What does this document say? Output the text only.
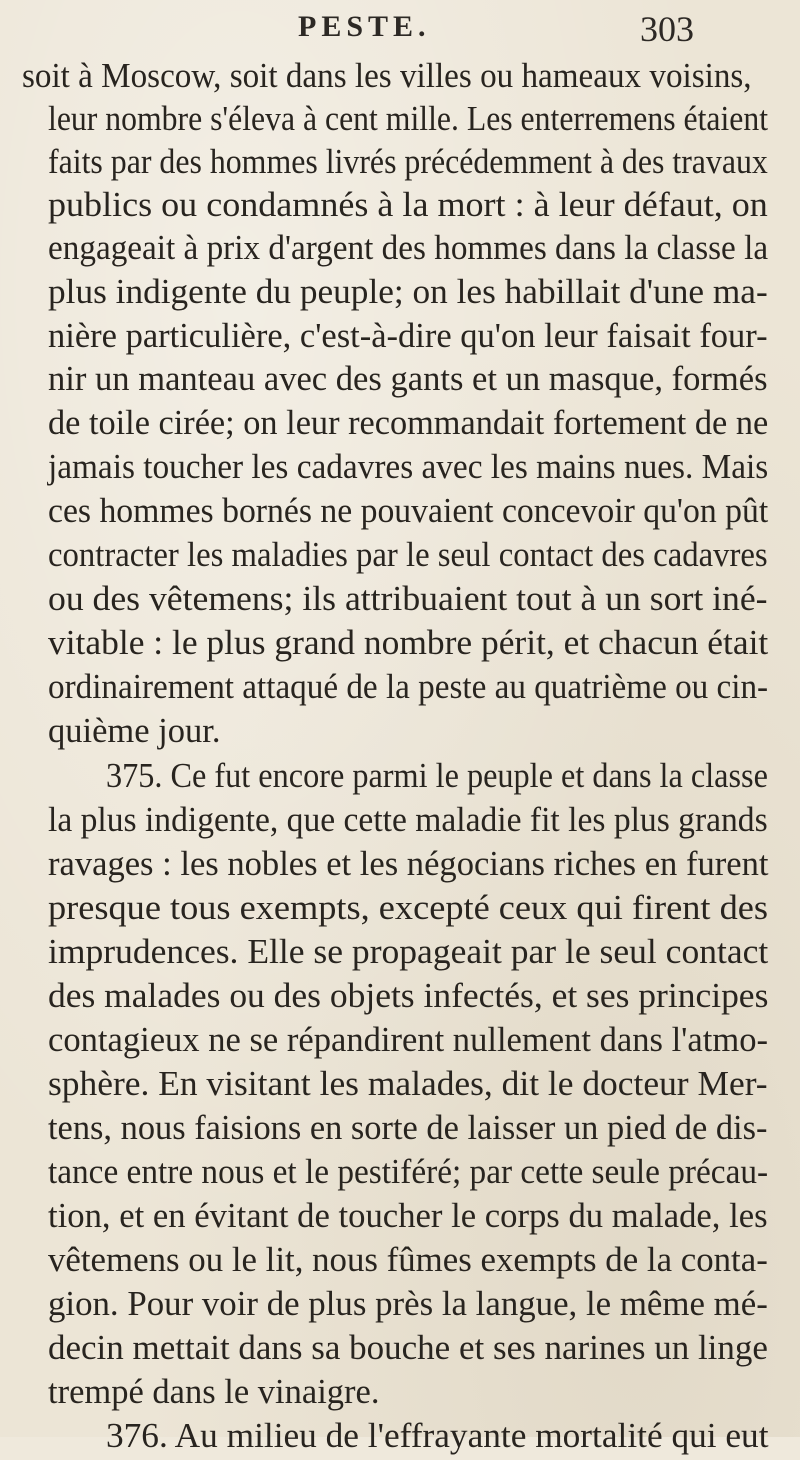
PESTE.	303
soit à Moscow, soit dans les villes ou hameaux voisins,
leur nombre s'éleva à cent mille. Les enterremens étaient
faits par des hommes livrés précédemment à des travaux
publics ou condamnés à la mort : à leur défaut, on
engageait à prix d'argent des hommes dans la classe la
plus indigente du peuple; on les habillait d'une ma-
nière particulière, c'est-à-dire qu'on leur faisait four-
nir un manteau avec des gants et un masque, formés
de toile cirée; on leur recommandait fortement de ne
jamais toucher les cadavres avec les mains nues. Mais
ces hommes bornés ne pouvaient concevoir qu'on pût
contracter les maladies par le seul contact des cadavres
ou des vêtemens; ils attribuaient tout à un sort iné-
vitable : le plus grand nombre périt, et chacun était
ordinairement attaqué de la peste au quatrième ou cin-
quième jour.
375. Ce fut encore parmi le peuple et dans la classe
la plus indigente, que cette maladie fit les plus grands
ravages : les nobles et les négocians riches en furent
presque tous exempts, excepté ceux qui firent des
imprudences. Elle se propageait par le seul contact
des malades ou des objets infectés, et ses principes
contagieux ne se répandirent nullement dans l'atmo-
sphère. En visitant les malades, dit le docteur Mer-
tens, nous faisions en sorte de laisser un pied de dis-
tance entre nous et le pestiféré; par cette seule précau-
tion, et en évitant de toucher le corps du malade, les
vêtemens ou le lit, nous fûmes exempts de la conta-
gion. Pour voir de plus près la langue, le même mé-
decin mettait dans sa bouche et ses narines un linge
trempé dans le vinaigre.
376. Au milieu de l'effrayante mortalité qui eut
